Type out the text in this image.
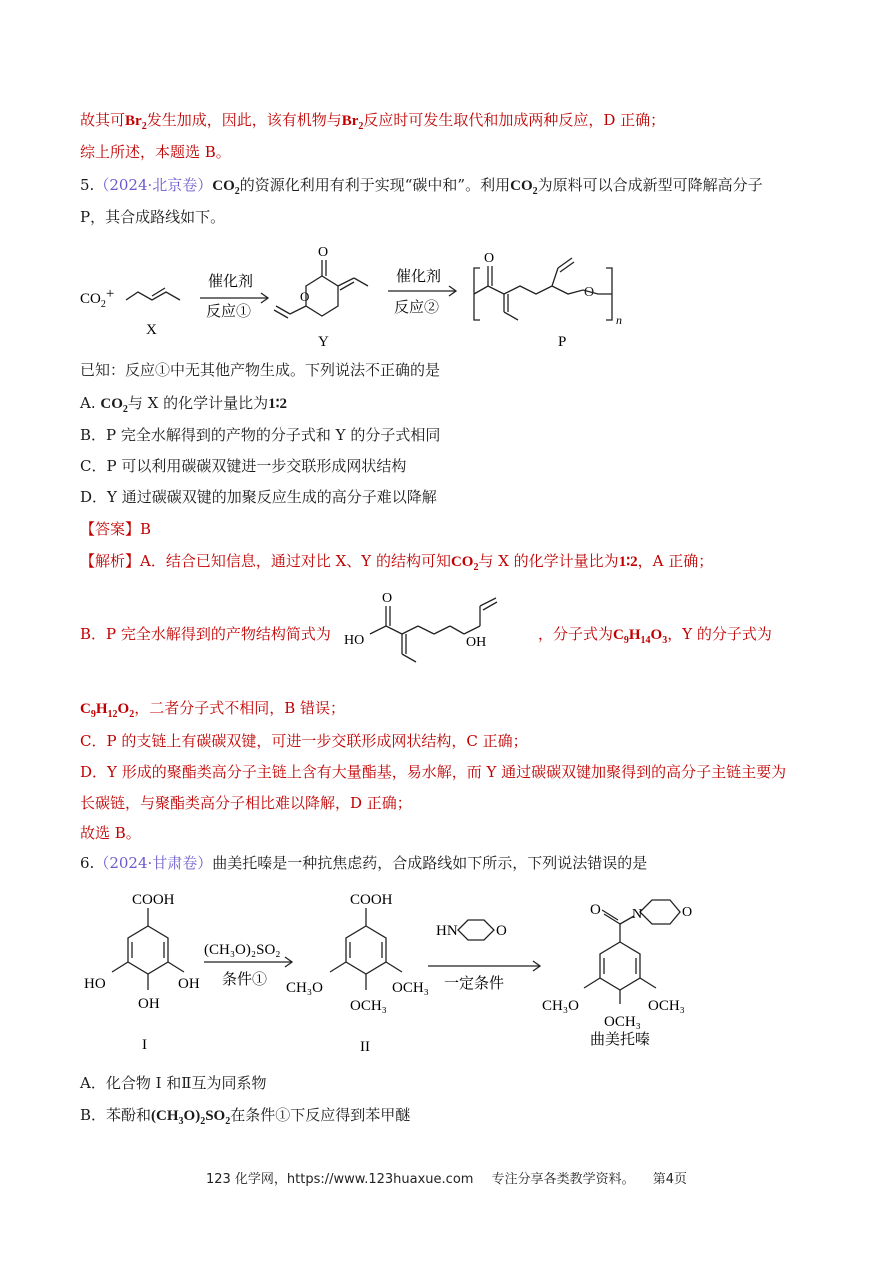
故其可$Br_2$发生加成，因此，该有机物与$Br_2$反应时可发生取代和加成两种反应，D 正确；
综上所述，本题选 B。
5.（2024·北京卷）$CO_2$的资源化利用有利于实现“碳中和”。利用$CO_2$为原料可以合成新型可降解高分子
P，其合成路线如下。
$CO_2+$
X
催化剂
反应①
O
O
Y
催化剂
反应②
O
O
n
P
已知：反应①中无其他产物生成。下列说法不正确的是
A. $CO_2$与 X 的化学计量比为1∶2
B．P 完全水解得到的产物的分子式和 Y 的分子式相同
C．P 可以利用碳碳双键进一步交联形成网状结构
D．Y 通过碳碳双键的加聚反应生成的高分子难以降解
【答案】B
【解析】A．结合已知信息，通过对比 X、Y 的结构可知$CO_2$与 X 的化学计量比为1∶2，A 正确；
B．P 完全水解得到的产物结构简式为
O
HO	OH	，分子式为$C_9H_{14}O_3$，Y 的分子式为
$C_9H_{12}O_2$，二者分子式不相同，B 错误；
C．P 的支链上有碳碳双键，可进一步交联形成网状结构，C 正确；
D．Y 形成的聚酯类高分子主链上含有大量酯基，易水解，而 Y 通过碳碳双键加聚得到的高分子主链主要为
长碳链，与聚酯类高分子相比难以降解，D 正确；
故选 B。
6.（2024·甘肃卷）曲美托嗪是一种抗焦虑药，合成路线如下所示，下列说法错误的是
COOH
HO	OH
OH
I
(CH₃O)₂SO₂
条件①
COOH
CH₃O	OCH₃
OCH₃
II
HN	O
一定条件
O N	O
CH₃O	OCH₃
OCH₃
曲美托嗪
A．化合物 I 和Ⅱ互为同系物
B．苯酚和$(CH_3O)_2SO_2$在条件①下反应得到苯甲醚
123 化学网，https://www.123huaxue.com 专注分享各类教学资料。 第4页
